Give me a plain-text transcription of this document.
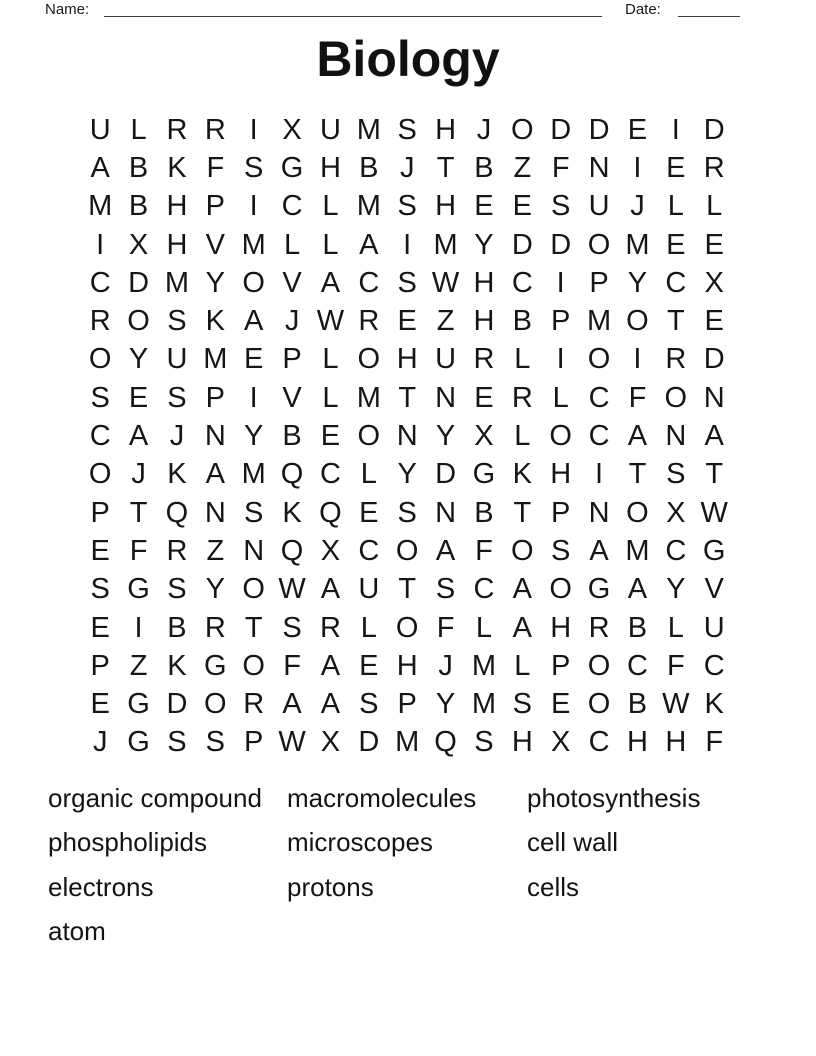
Name:	Date:
Biology
U L R R I X U M S H J O D D E I D
A B K F S G H B J T B Z F N I E R
M B H P I C L M S H E E S U J L L
I X H V M L L A I M Y D D O M E E
C D M Y O V A C S W H C I P Y C X
R O S K A J W R E Z H B P M O T E
O Y U M E P L O H U R L I O I R D
S E S P I V L M T N E R L C F O N
C A J N Y B E O N Y X L O C A N A
O J K A M Q C L Y D G K H I T S T
P T Q N S K Q E S N B T P N O X W
E F R Z N Q X C O A F O S A M C G
S G S Y O W A U T S C A O G A Y V
E I B R T S R L O F L A H R B L U
P Z K G O F A E H J M L P O C F C
E G D O R A A S P Y M S E O B W K
J G S S P W X D M Q S H X C H H F
organic compound
phospholipids
electrons
atom
macromolecules
microscopes
protons
photosynthesis
cell wall
cells
